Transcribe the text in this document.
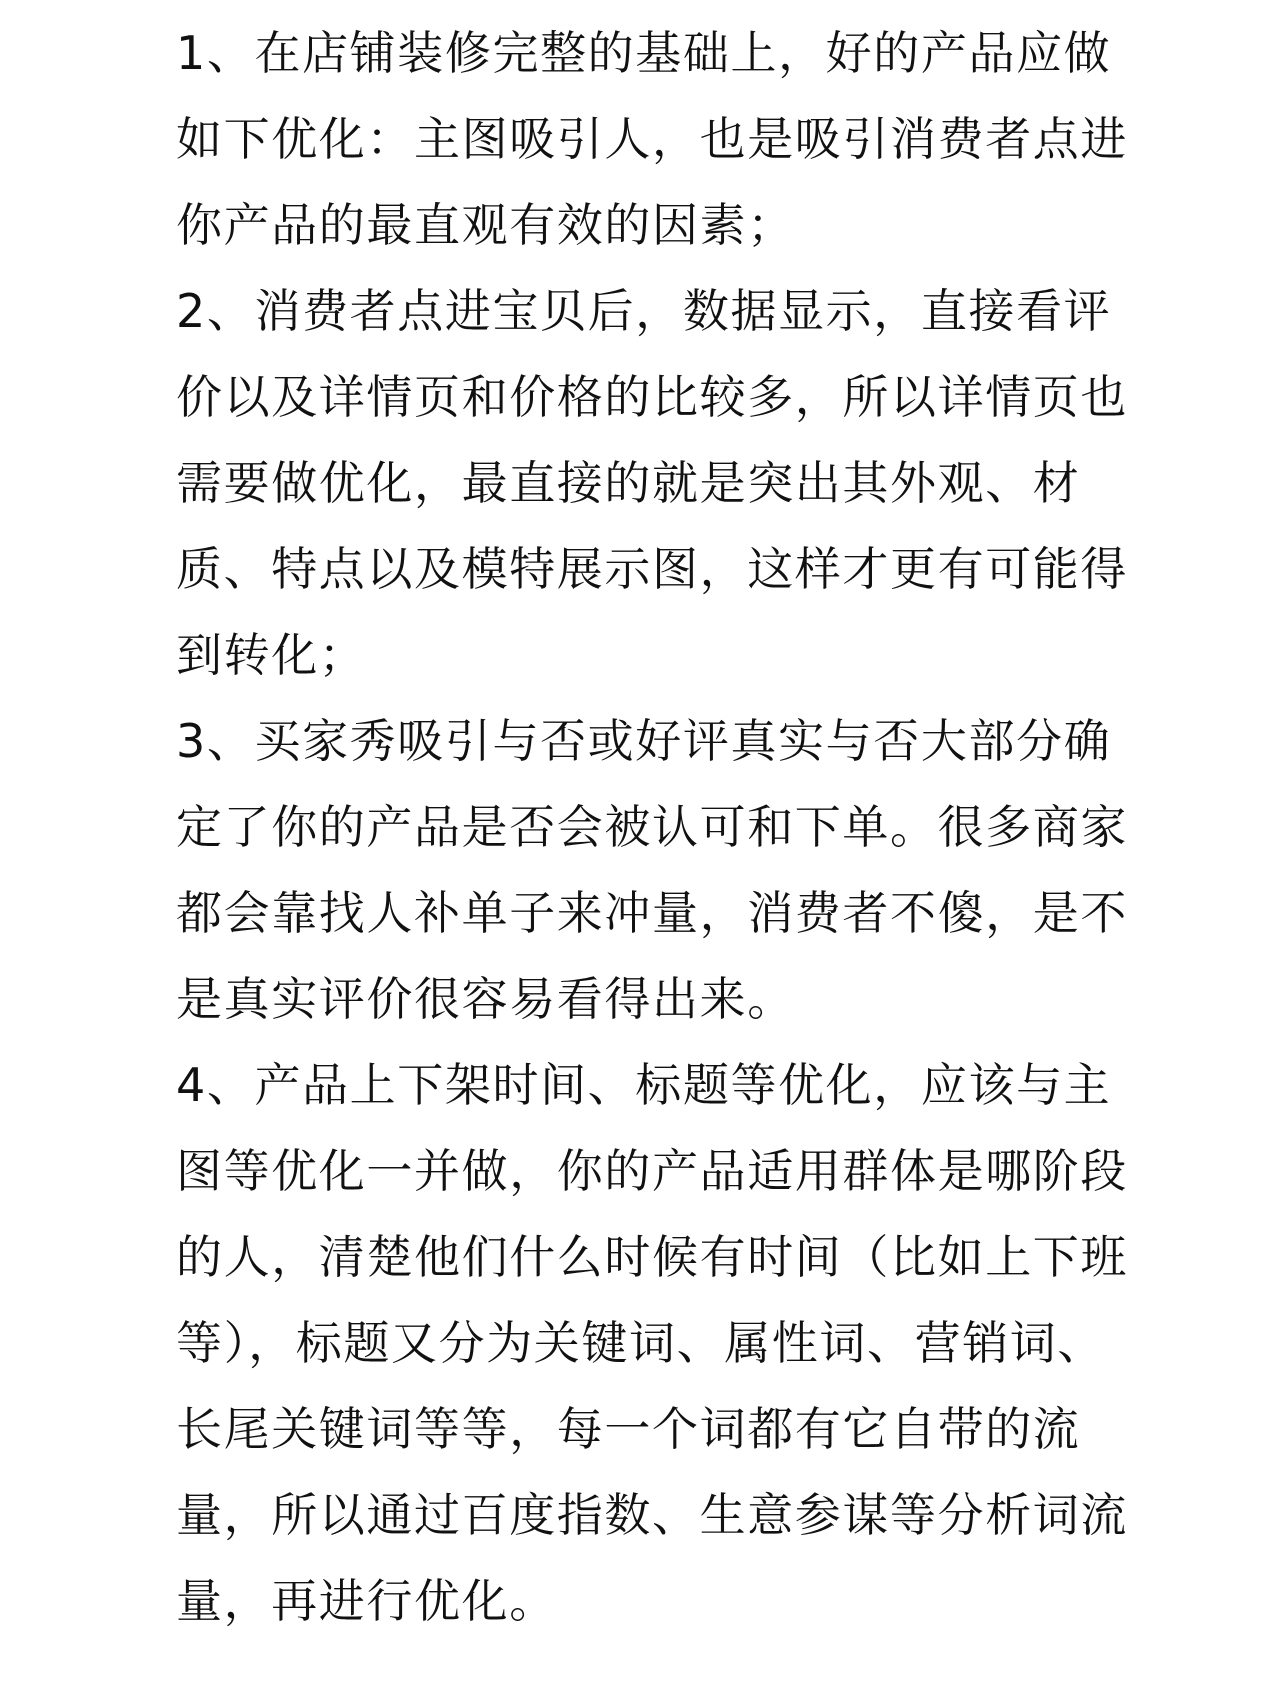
1、在店铺装修完整的基础上，好的产品应做如下优化：主图吸引人，也是吸引消费者点进你产品的最直观有效的因素；

2、消费者点进宝贝后，数据显示，直接看评价以及详情页和价格的比较多，所以详情页也需要做优化，最直接的就是突出其外观、材质、特点以及模特展示图，这样才更有可能得到转化；

3、买家秀吸引与否或好评真实与否大部分确定了你的产品是否会被认可和下单。很多商家都会靠找人补单子来冲量，消费者不傻，是不是真实评价很容易看得出来。

4、产品上下架时间、标题等优化，应该与主图等优化一并做，你的产品适用群体是哪阶段的人，清楚他们什么时候有时间（比如上下班等），标题又分为关键词、属性词、营销词、长尾关键词等等，每一个词都有它自带的流量，所以通过百度指数、生意参谋等分析词流量，再进行优化。
